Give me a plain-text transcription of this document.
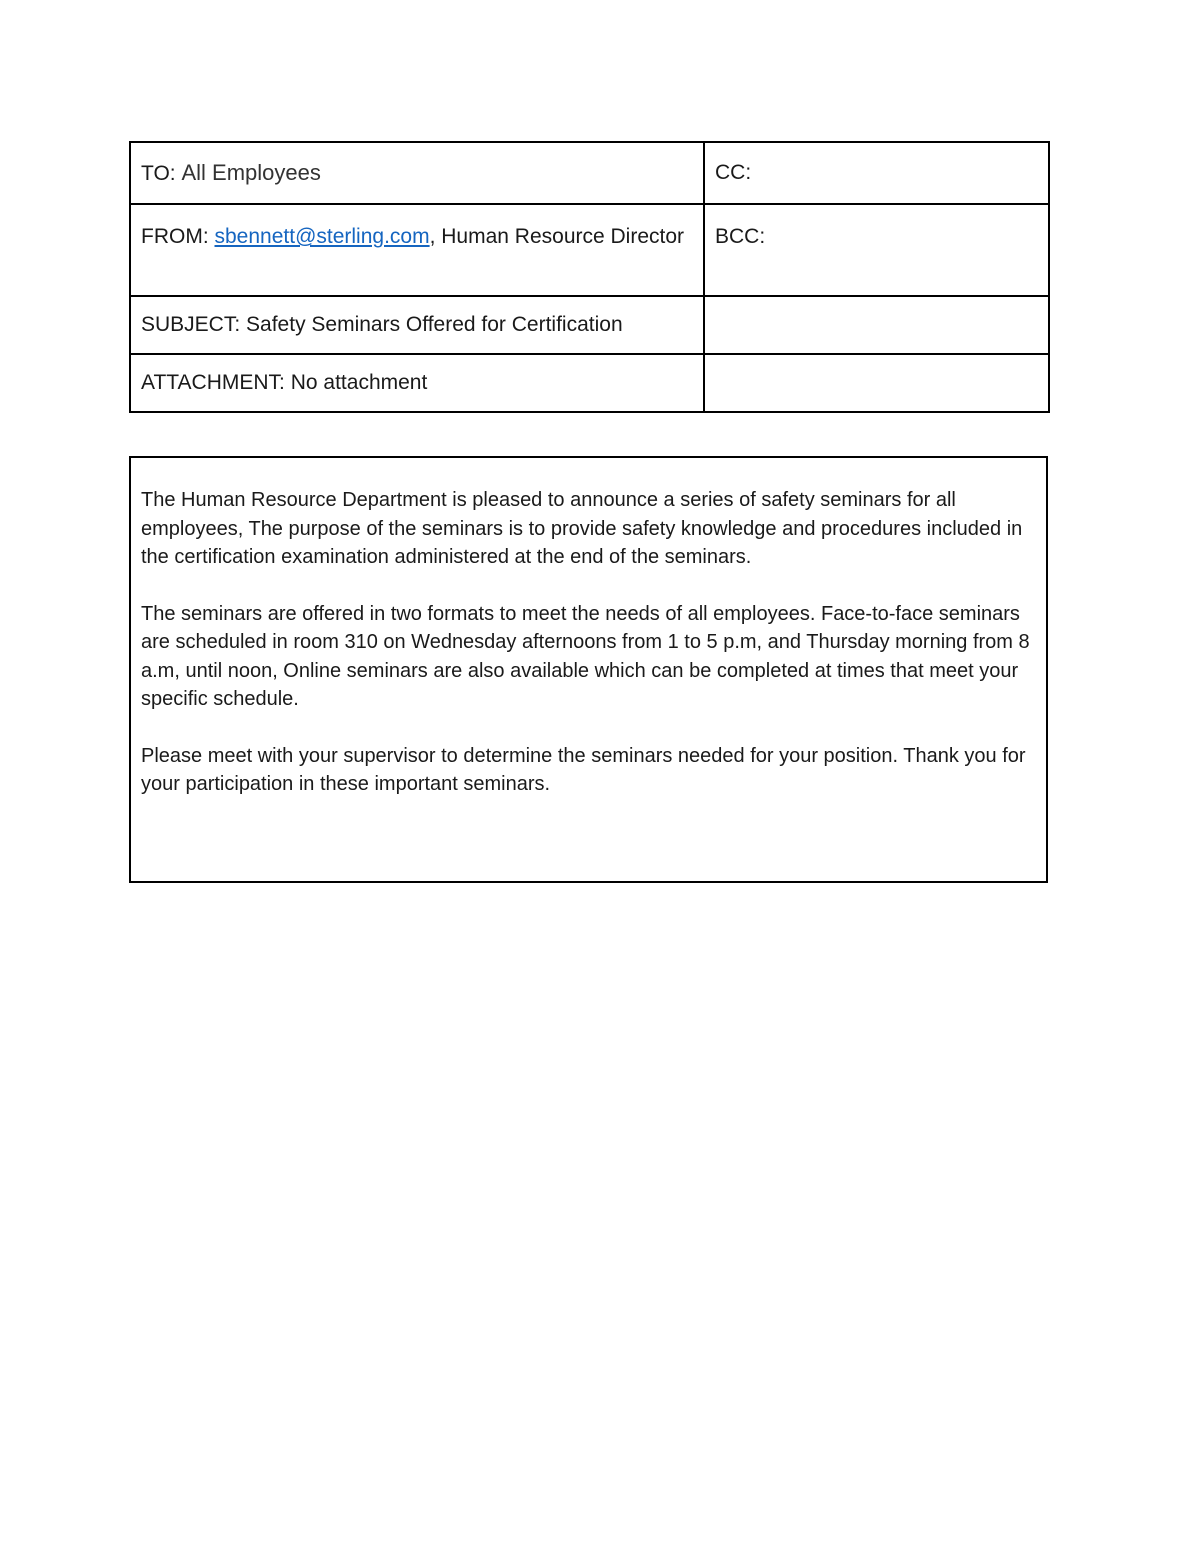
TO: All Employees	CC:
FROM: sbennett@sterling.com, Human Resource Director	BCC:
SUBJECT: Safety Seminars Offered for Certification	
ATTACHMENT: No attachment	

The Human Resource Department is pleased to announce a series of safety seminars for all employees, The purpose of the seminars is to provide safety knowledge and procedures included in the certification examination administered at the end of the seminars.

The seminars are offered in two formats to meet the needs of all employees. Face-to-face seminars are scheduled in room 310 on Wednesday afternoons from 1 to 5 p.m, and Thursday morning from 8 a.m, until noon, Online seminars are also available which can be completed at times that meet your specific schedule.

Please meet with your supervisor to determine the seminars needed for your position. Thank you for your participation in these important seminars.
